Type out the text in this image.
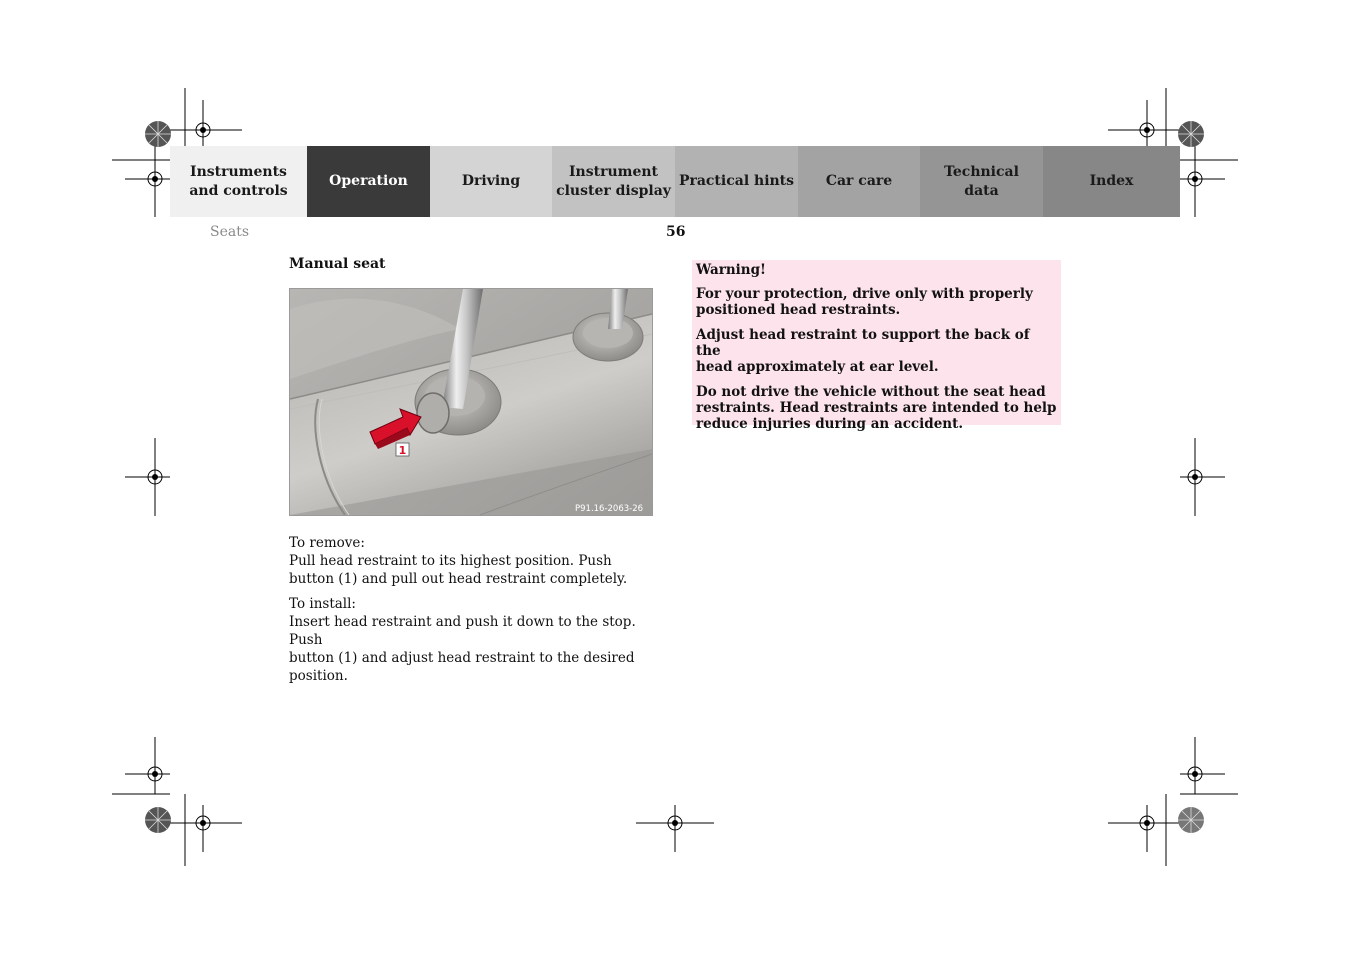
Instruments
and controls
Operation	Driving
Instrument
cluster display
Practical hints	Car care
Technical
data
Index
Seats	56
Manual seat
1
P91.16-2063-26

To remove:

Pull head restraint to its highest position. Push
button (1) and pull out head restraint completely.

To install:

Insert head restraint and push it down to the stop. Push
button (1) and adjust head restraint to the desired
position.

Warning!

For your protection, drive only with properly
positioned head restraints.

Adjust head restraint to support the back of the
head approximately at ear level.

Do not drive the vehicle without the seat head
restraints. Head restraints are intended to help
reduce injuries during an accident.
